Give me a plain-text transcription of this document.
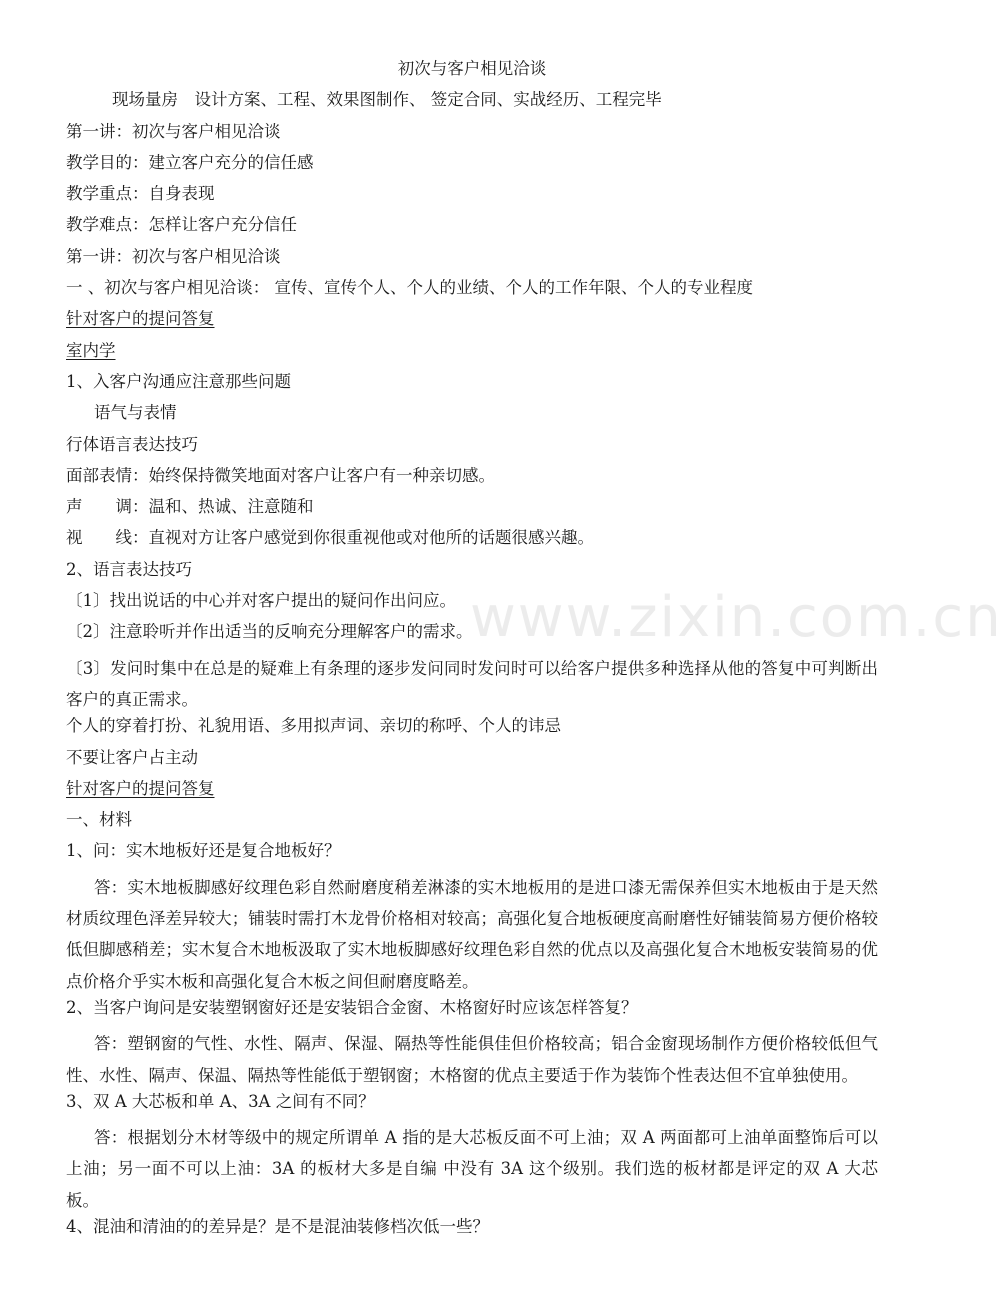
www.zixin.com.cn
初次与客户相见洽谈
现场量房　设计方案、工程、效果图制作、 签定合同、实战经历、工程完毕
第一讲：初次与客户相见洽谈
教学目的：建立客户充分的信任感
教学重点：自身表现
教学难点：怎样让客户充分信任
第一讲：初次与客户相见洽谈
一 、初次与客户相见洽谈： 宣传、宣传个人、个人的业绩、个人的工作年限、个人的专业程度
针对客户的提问答复
室内学
1、入客户沟通应注意那些问题
语气与表情
行体语言表达技巧
面部表情：始终保持微笑地面对客户让客户有一种亲切感。
声　　调：温和、热诚、注意随和
视　　线：直视对方让客户感觉到你很重视他或对他所的话题很感兴趣。
2、语言表达技巧
〔1〕找出说话的中心并对客户提出的疑问作出问应。
〔2〕注意聆听并作出适当的反响充分理解客户的需求。
〔3〕发问时集中在总是的疑难上有条理的逐步发问同时发问时可以给客户提供多种选择从他的答复中可判断出客户的真正需求。
个人的穿着打扮、礼貌用语、多用拟声词、亲切的称呼、个人的讳忌
不要让客户占主动
针对客户的提问答复
一、材料
1、问：实木地板好还是复合地板好？
答：实木地板脚感好纹理色彩自然耐磨度稍差淋漆的实木地板用的是进口漆无需保养但实木地板由于是天然材质纹理色泽差异较大；铺装时需打木龙骨价格相对较高；高强化复合地板硬度高耐磨性好铺装简易方便价格较低但脚感稍差；实木复合木地板汲取了实木地板脚感好纹理色彩自然的优点以及高强化复合木地板安装简易的优点价格介乎实木板和高强化复合木板之间但耐磨度略差。
2、当客户询问是安装塑钢窗好还是安装铝合金窗、木格窗好时应该怎样答复？
答：塑钢窗的气性、水性、隔声、保湿、隔热等性能俱佳但价格较高；铝合金窗现场制作方便价格较低但气性、水性、隔声、保温、隔热等性能低于塑钢窗；木格窗的优点主要适于作为装饰个性表达但不宜单独使用。
3、双 A 大芯板和单 A、3A 之间有不同？
答：根据划分木材等级中的规定所谓单 A 指的是大芯板反面不可上油；双 A 两面都可上油单面整饰后可以上油；另一面不可以上油：3A 的板材大多是自编 中没有 3A 这个级别。我们选的板材都是评定的双 A 大芯板。
4、混油和清油的的差异是？是不是混油装修档次低一些？
